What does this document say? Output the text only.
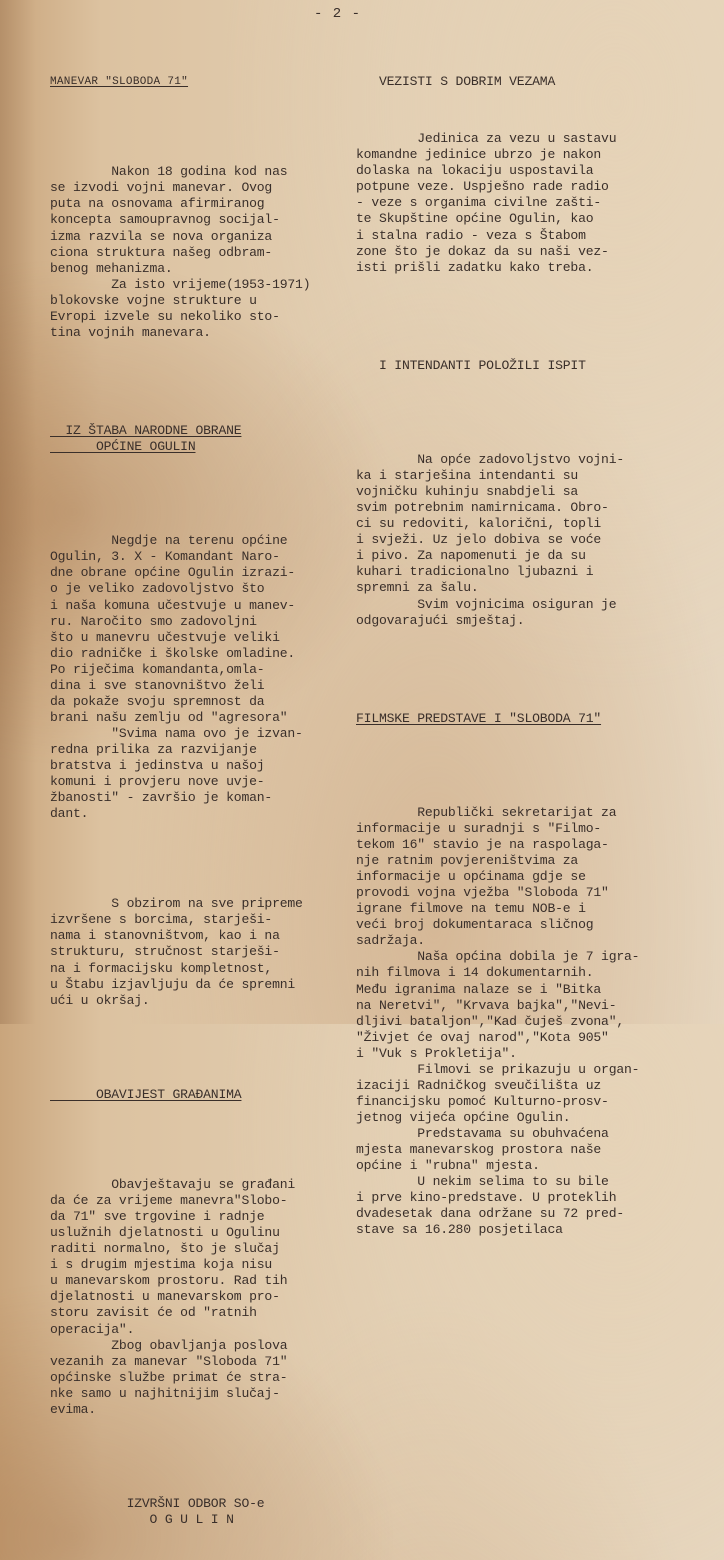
- 2 -

MANEVAR "SLOBODA 71"

Nakon 18 godina kod nas
se izvodi vojni manevar. Ovog
puta na osnovama afirmiranog
koncepta samoupravnog socijal-
izma razvila se nova organiza
cionа struktura našeg odbram-
benog mehanizma.
Za isto vrijeme(1953-1971)
blokovske vojne strukture u
Evropi izvele su nekoliko sto-
tina vojnih manevara.

IZ ŠTABA NARODNE OBRANE
OPĆINE OGULIN

Negdje na terenu općine
Ogulin, 3. X - Komandant Naro-
dne obrane općine Ogulin izrazi-
o je veliko zadovoljstvo što
i naša komuna učestvuje u manev-
ru. Naročito smo zadovoljni
što u manevru učestvuje veliki
dio radničke i školske omladine.
Po riječima komandanta,omla-
dina i sve stanovništvo želi
da pokaže svoju spremnost da
brani našu zemlju od "agresora"
"Svima nama ovo je izvan-
redna prilika za razvijanje
bratstva i jedinstva u našoj
komuni i provjeru nove uvje-
žbanosti" - završio je koman-
dant.

S obzirom na sve pripreme
izvršene s borcima, starješi-
nama i stanovništvom, kao i na
strukturu, stručnost starješi-
na i formacijsku kompletnost,
u Štabu izjavljuju da će spremni
ući u okršaj.

OBAVIJEST GRAĐANIMA

Obavještavaju se građani
da će za vrijeme manevra"Slobo-
da 71" sve trgovine i radnje
uslužnih djelatnosti u Ogulinu
raditi normalno, što je slučaj
i s drugim mjestima koja nisu
u manevarskom prostoru. Rad tih
djelatnosti u manevarskom pro-
storu zavisit će od "ratnih
operacija".
Zbog obavljanja poslova
vezanih za manevar "Sloboda 71"
općinske službe primat će stra-
nke samo u najhitnijim slučaj-
evima.

IZVRŠNI ODBOR SO-e
O G U L I N

VEZISTI S DOBRIM VEZAMA

Jedinica za vezu u sastavu
komandne jedinice ubrzo je nakon
dolaska na lokaciju uspostavila
potpune veze. Uspješno rade radio
- veze s organima civilne zašti-
te Skupštine općine Ogulin, kao
i stalna radio - veza s Štabom
zone što je dokaz da su naši vez-
isti prišli zadatku kako treba.

I INTENDANTI POLOŽILI ISPIT

Na opće zadovoljstvo vojni-
ka i starješina intendanti su
vojničku kuhinju snabdjeli sa
svim potrebnim namirnicama. Obro-
ci su redoviti, kalorični, topli
i svježi. Uz jelo dobiva se voće
i pivo. Za napomenuti je da su
kuhari tradicionalno ljubazni i
spremni za šalu.
Svim vojnicima osiguran je
odgovarajući smještaj.

FILMSKE PREDSTAVE I "SLOBODA 71"

Republički sekretarijat za
informacije u suradnji s "Filmo-
tekom 16" stavio je na raspolaga-
nje ratnim povjereništvima za
informacije u općinama gdje se
provodi vojna vježba "Sloboda 71"
igrane filmove na temu NOB-e i
veći broj dokumentaraca sličnog
sadržaja.
Naša općina dobila je 7 igra-
nih filmova i 14 dokumentarnih.
Među igranima nalaze se i "Bitka
na Neretvi", "Krvava bajka","Nevi-
dljivi bataljon","Kad čuješ zvona",
"Živjet će ovaj narod","Kota 905"
i "Vuk s Prokletija".
Filmovi se prikazuju u organ-
izaciji Radničkog sveučilišta uz
financijsku pomoć Kulturno-prosv-
jetnog vijeća općine Ogulin.
Predstavama su obuhvaćena
mjesta manevarskog prostora naše
općine i "rubna" mjesta.
U nekim selima to su bile
i prve kino-predstave. U proteklih
dvadesetak dana održane su 72 pred-
stave sa 16.280 posjetilaca
